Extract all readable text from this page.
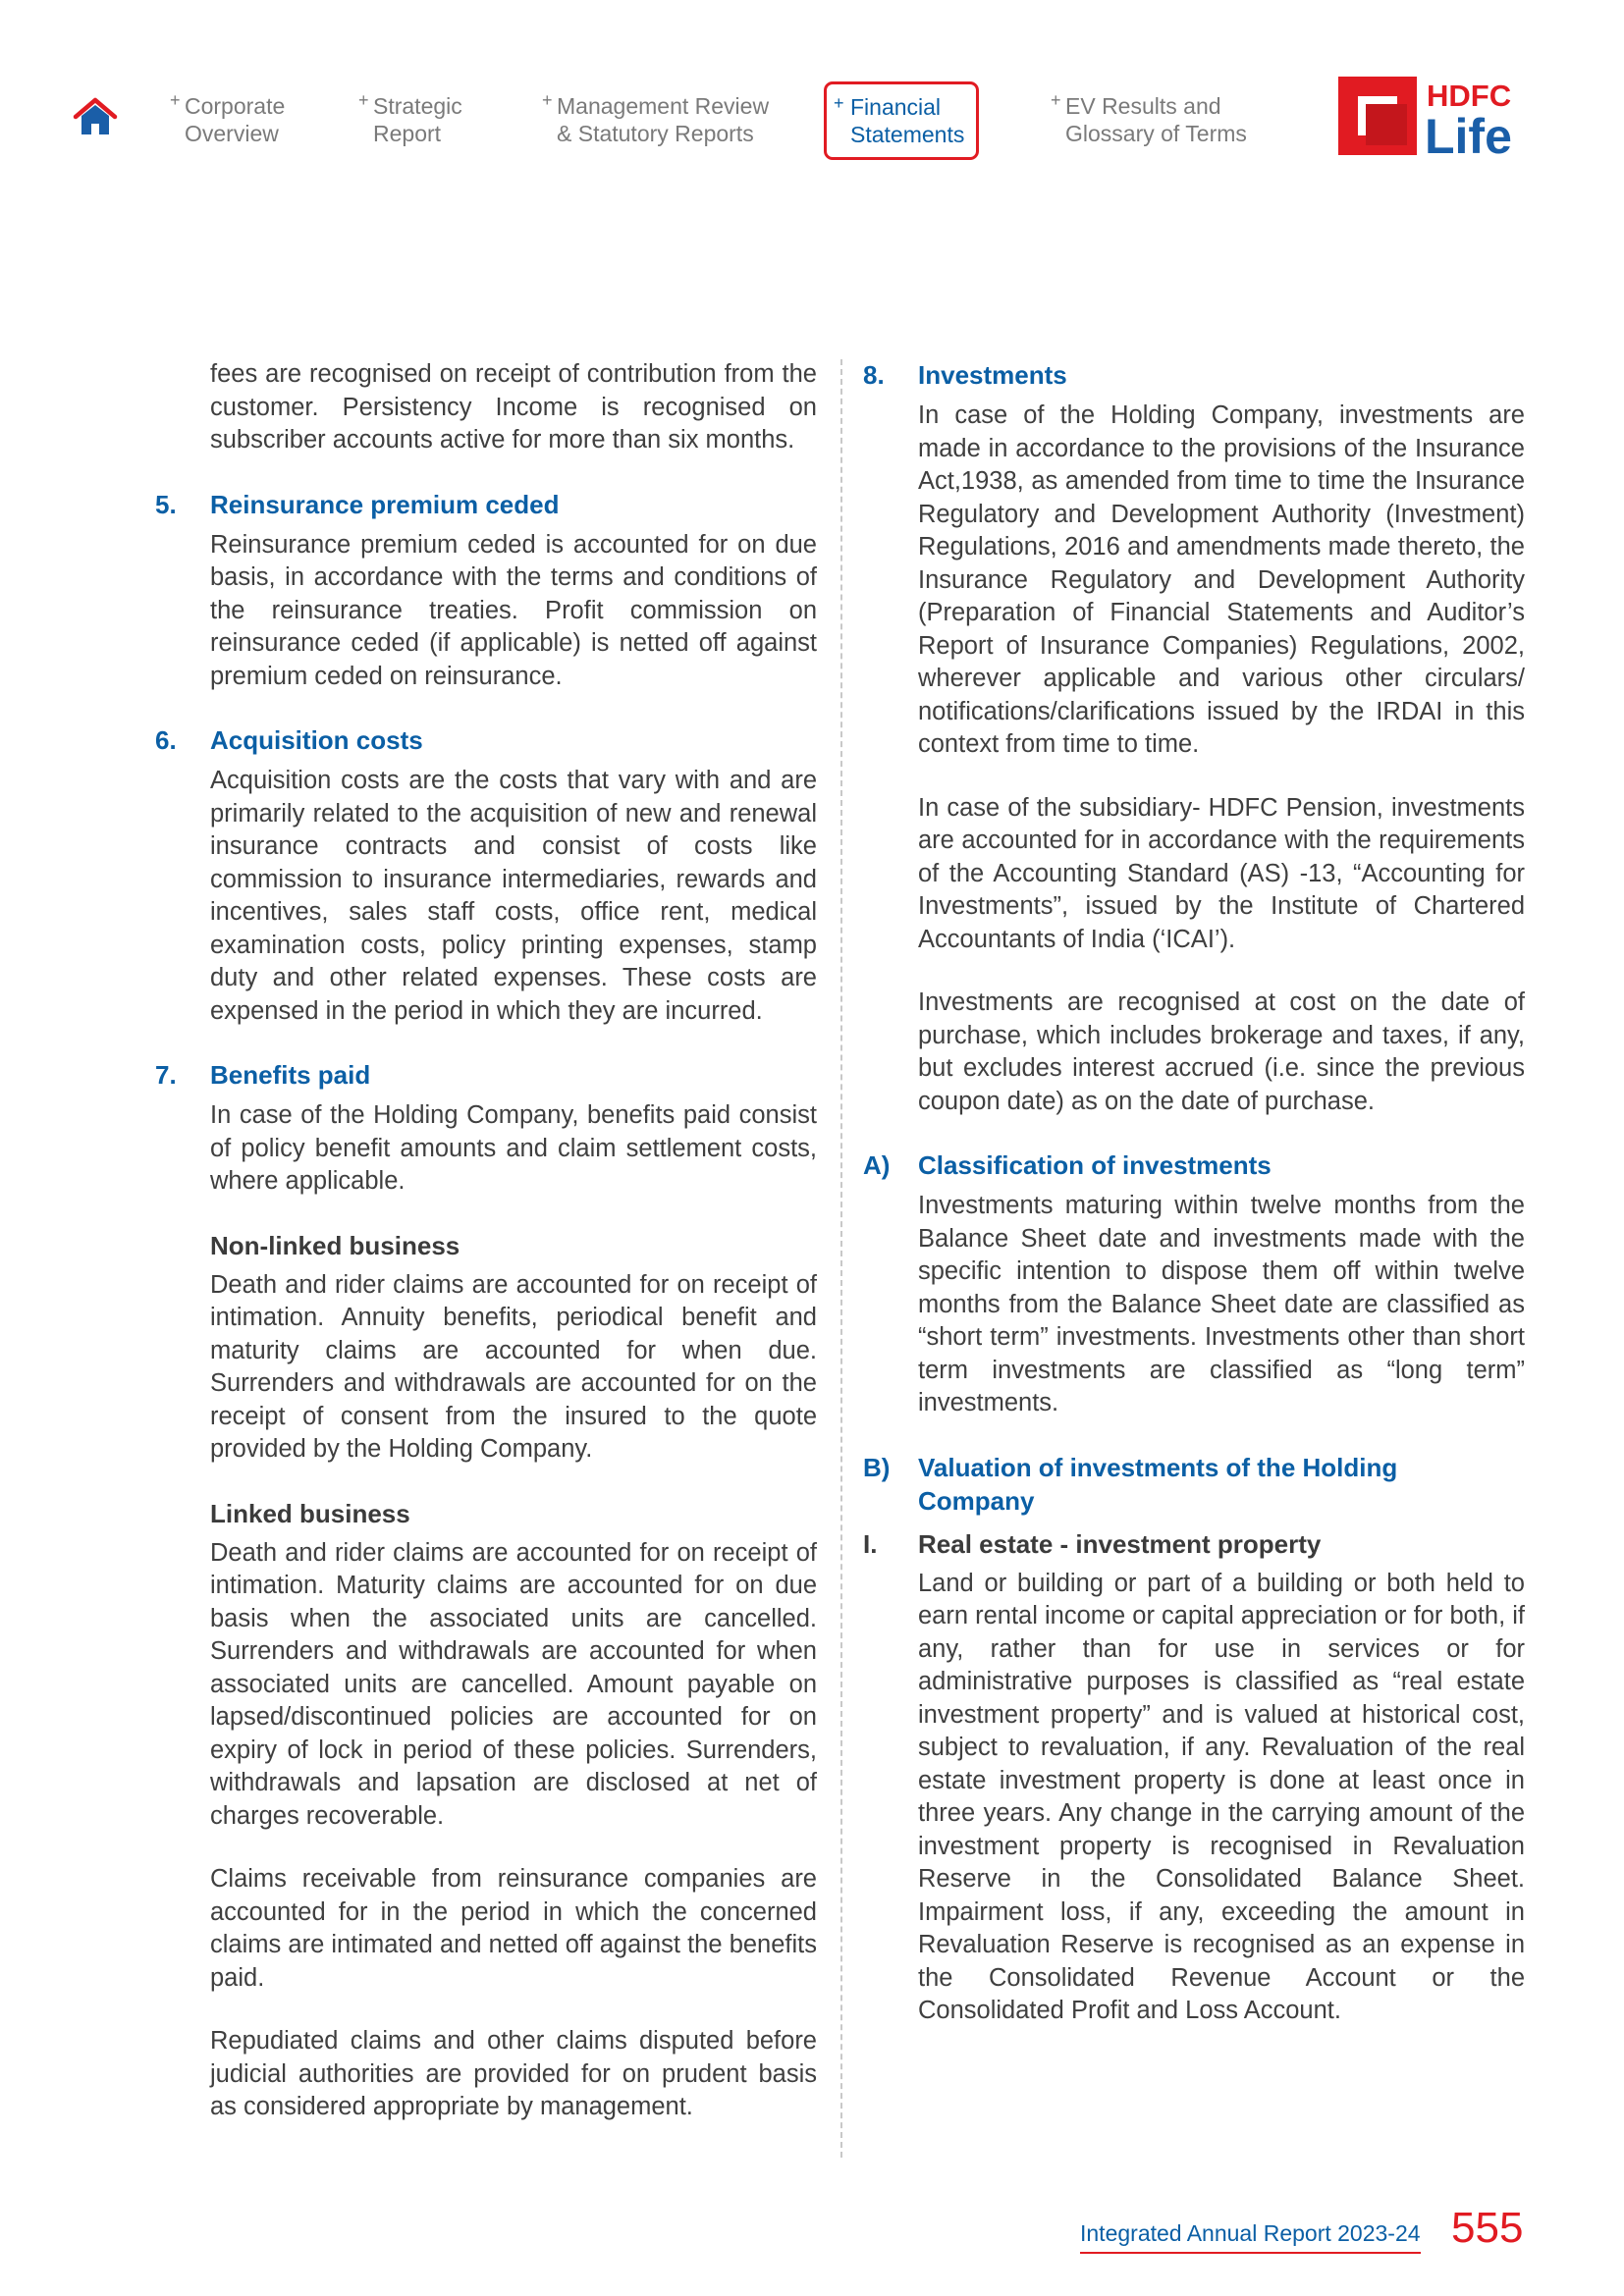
+ Corporate
Overview
+ Strategic
Report
+ Management Review
& Statutory Reports
+ Financial
Statements
+ EV Results and
Glossary of Terms
HDFC
Life

fees are recognised on receipt of contribution from the customer. Persistency Income is recognised on subscriber accounts active for more than six months.

5. Reinsurance premium ceded

Reinsurance premium ceded is accounted for on due basis, in accordance with the terms and conditions of the reinsurance treaties. Profit commission on reinsurance ceded (if applicable) is netted off against premium ceded on reinsurance.

6. Acquisition costs

Acquisition costs are the costs that vary with and are primarily related to the acquisition of new and renewal insurance contracts and consist of costs like commission to insurance intermediaries, rewards and incentives, sales staff costs, office rent, medical examination costs, policy printing expenses, stamp duty and other related expenses. These costs are expensed in the period in which they are incurred.

7. Benefits paid

In case of the Holding Company, benefits paid consist of policy benefit amounts and claim settlement costs, where applicable.

Non-linked business

Death and rider claims are accounted for on receipt of intimation. Annuity benefits, periodical benefit and maturity claims are accounted for when due. Surrenders and withdrawals are accounted for on the receipt of consent from the insured to the quote provided by the Holding Company.

Linked business

Death and rider claims are accounted for on receipt of intimation. Maturity claims are accounted for on due basis when the associated units are cancelled. Surrenders and withdrawals are accounted for when associated units are cancelled. Amount payable on lapsed/discontinued policies are accounted for on expiry of lock in period of these policies. Surrenders, withdrawals and lapsation are disclosed at net of charges recoverable.

Claims receivable from reinsurance companies are accounted for in the period in which the concerned claims are intimated and netted off against the benefits paid.

Repudiated claims and other claims disputed before judicial authorities are provided for on prudent basis as considered appropriate by management.

8. Investments

In case of the Holding Company, investments are made in accordance to the provisions of the Insurance Act,1938, as amended from time to time the Insurance Regulatory and Development Authority (Investment) Regulations, 2016 and amendments made thereto, the Insurance Regulatory and Development Authority (Preparation of Financial Statements and Auditor’s Report of Insurance Companies) Regulations, 2002, wherever applicable and various other circulars/ notifications/clarifications issued by the IRDAI in this context from time to time.

In case of the subsidiary- HDFC Pension, investments are accounted for in accordance with the requirements of the Accounting Standard (AS) -13, “Accounting for Investments”, issued by the Institute of Chartered Accountants of India (‘ICAI’).

Investments are recognised at cost on the date of purchase, which includes brokerage and taxes, if any, but excludes interest accrued (i.e. since the previous coupon date) as on the date of purchase.

A) Classification of investments

Investments maturing within twelve months from the Balance Sheet date and investments made with the specific intention to dispose them off within twelve months from the Balance Sheet date are classified as “short term” investments. Investments other than short term investments are classified as “long term” investments.

B) Valuation of investments of the Holding Company
I. Real estate - investment property

Land or building or part of a building or both held to earn rental income or capital appreciation or for both, if any, rather than for use in services or for administrative purposes is classified as “real estate investment property” and is valued at historical cost, subject to revaluation, if any. Revaluation of the real estate investment property is done at least once in three years. Any change in the carrying amount of the investment property is recognised in Revaluation Reserve in the Consolidated Balance Sheet. Impairment loss, if any, exceeding the amount in Revaluation Reserve is recognised as an expense in the Consolidated Revenue Account or the Consolidated Profit and Loss Account.

Integrated Annual Report 2023-24 555
